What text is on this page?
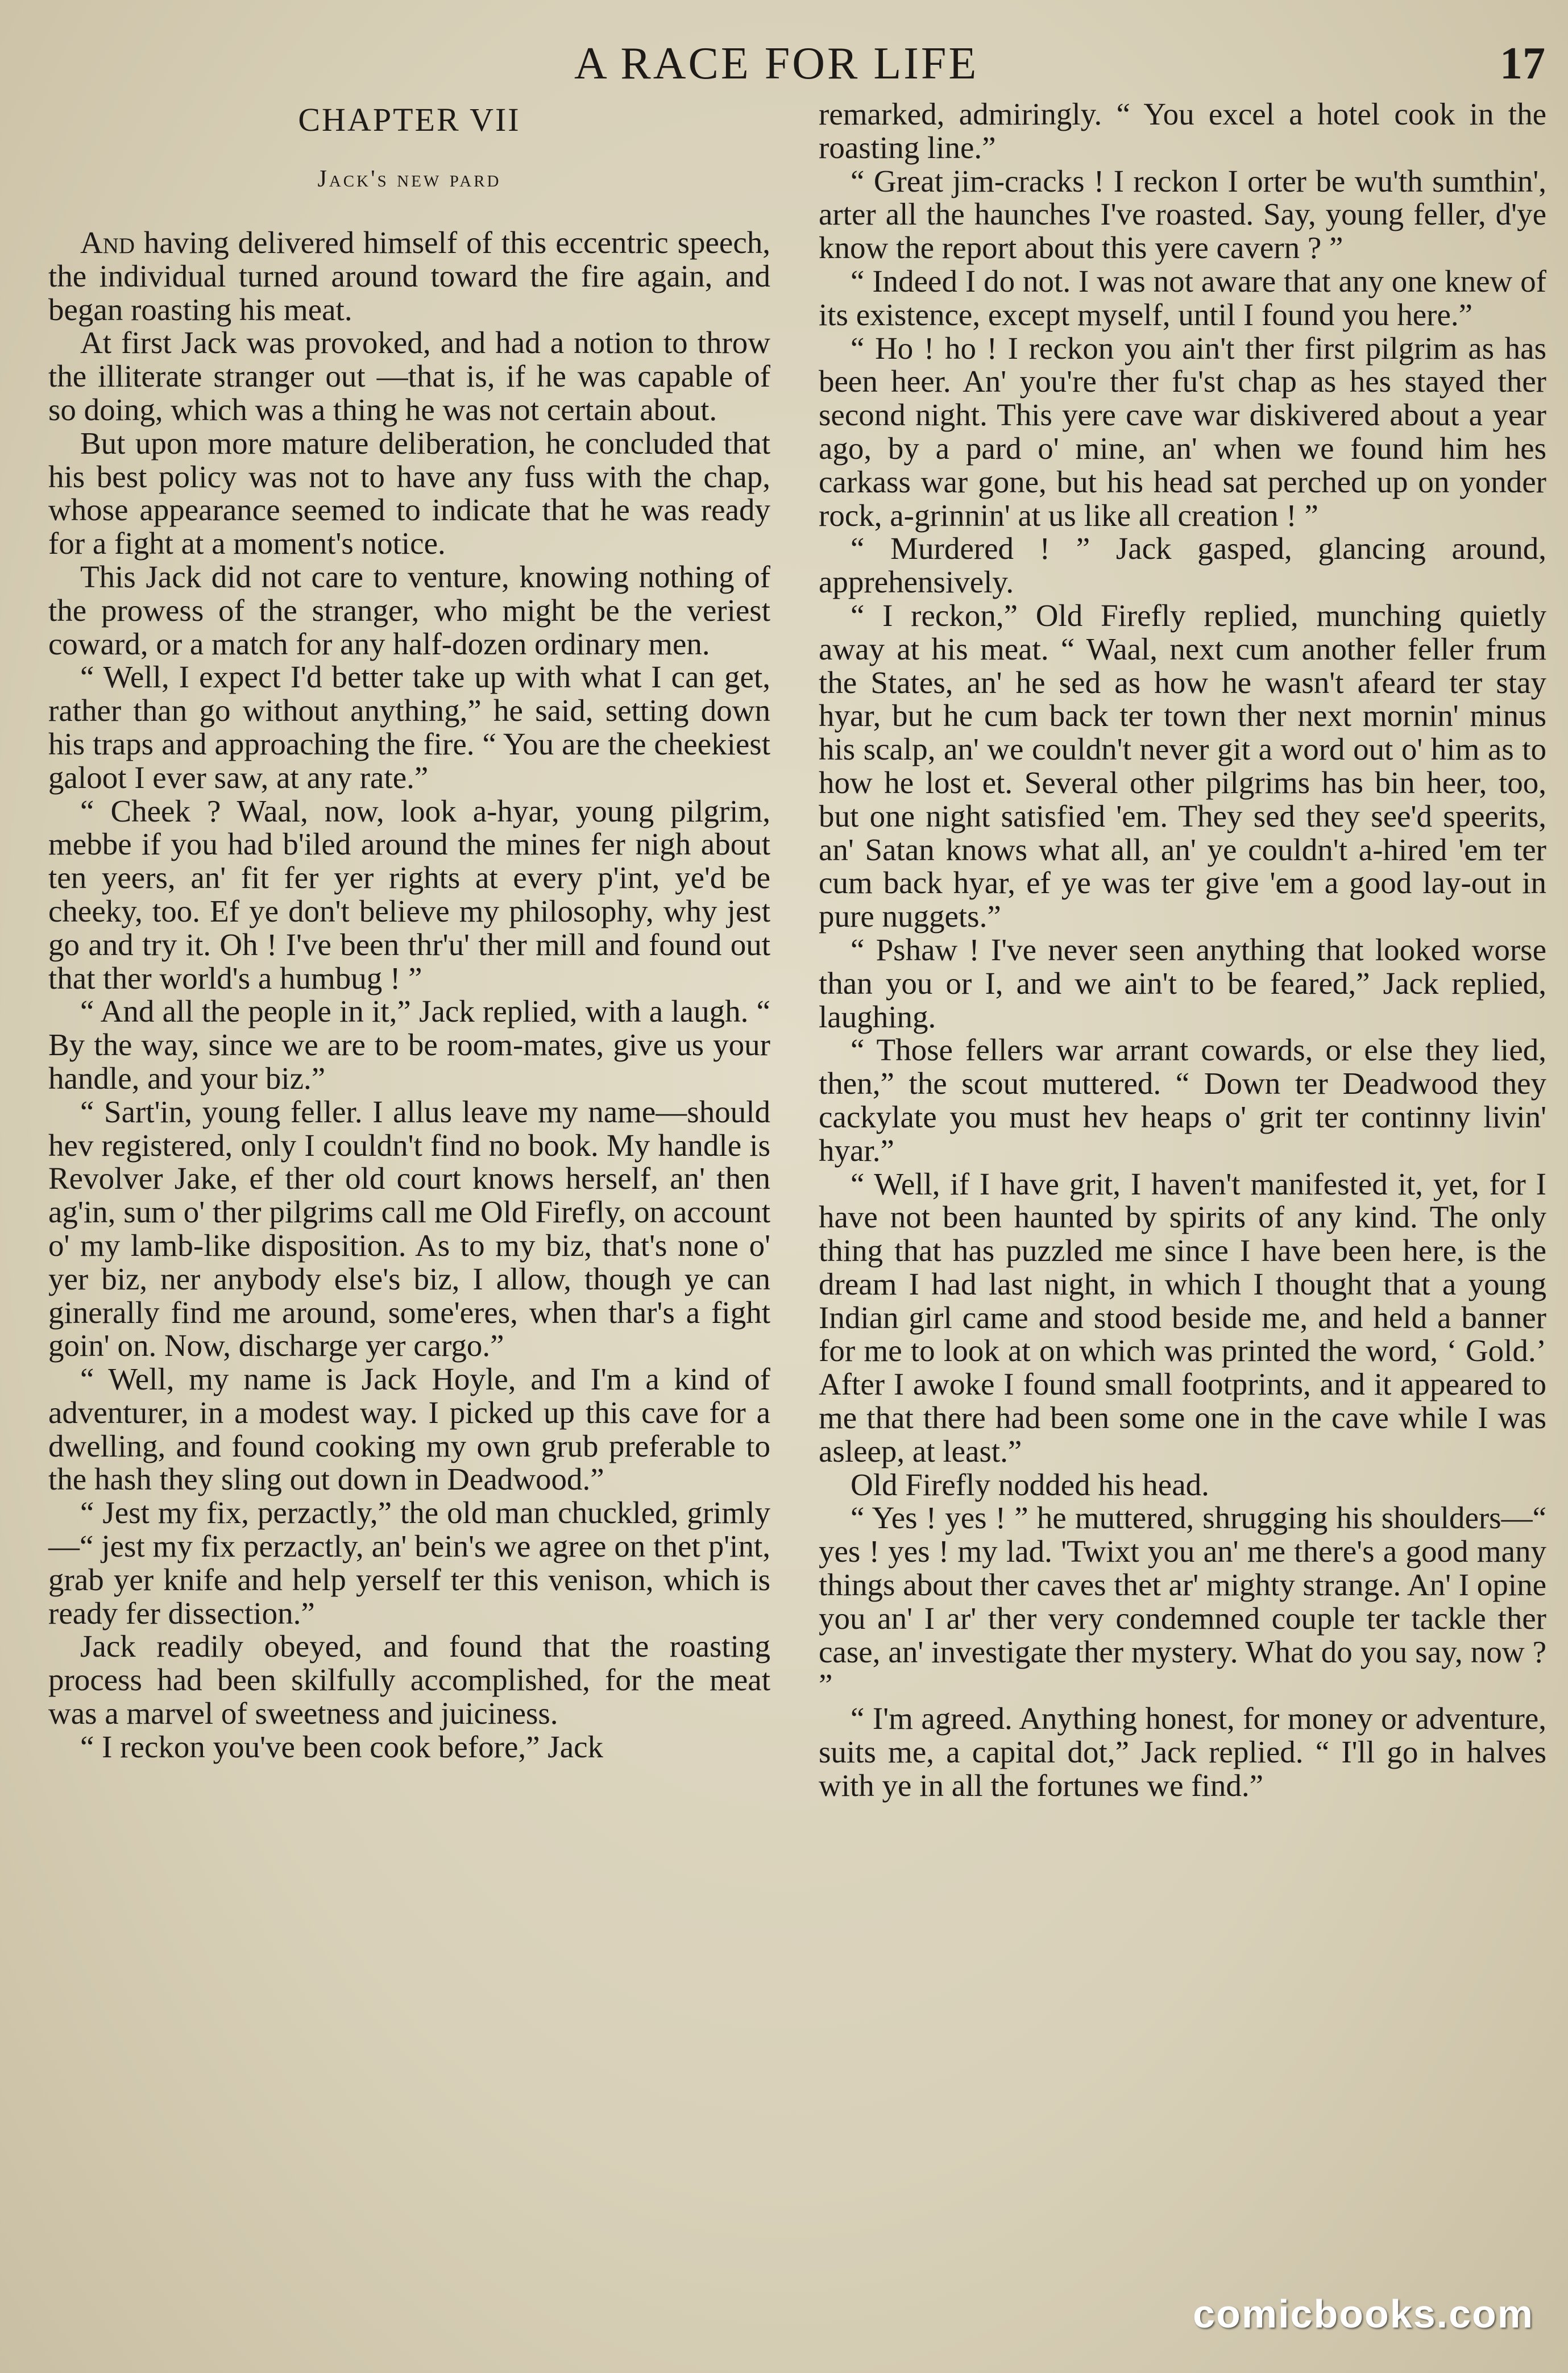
A RACE FOR LIFE	17
CHAPTER VII
Jack's new pard

And having delivered himself of this eccentric speech, the individual turned around toward the fire again, and began roasting his meat.

At first Jack was provoked, and had a notion to throw the illiterate stranger out —that is, if he was capable of so doing, which was a thing he was not certain about.

But upon more mature deliberation, he concluded that his best policy was not to have any fuss with the chap, whose appearance seemed to indicate that he was ready for a fight at a moment's notice.

This Jack did not care to venture, knowing nothing of the prowess of the stranger, who might be the veriest coward, or a match for any half-dozen ordinary men.

“ Well, I expect I'd better take up with what I can get, rather than go without anything,” he said, setting down his traps and approaching the fire. “ You are the cheekiest galoot I ever saw, at any rate.”

“ Cheek ? Waal, now, look a-hyar, young pilgrim, mebbe if you had b'iled around the mines fer nigh about ten yeers, an' fit fer yer rights at every p'int, ye'd be cheeky, too. Ef ye don't believe my philosophy, why jest go and try it. Oh ! I've been thr'u' ther mill and found out that ther world's a humbug ! ”

“ And all the people in it,” Jack replied, with a laugh. “ By the way, since we are to be room-mates, give us your handle, and your biz.”

“ Sart'in, young feller. I allus leave my name—should hev registered, only I couldn't find no book. My handle is Revolver Jake, ef ther old court knows herself, an' then ag'in, sum o' ther pilgrims call me Old Firefly, on account o' my lamb-like disposition. As to my biz, that's none o' yer biz, ner anybody else's biz, I allow, though ye can ginerally find me around, some'eres, when thar's a fight goin' on. Now, discharge yer cargo.”

“ Well, my name is Jack Hoyle, and I'm a kind of adventurer, in a modest way. I picked up this cave for a dwelling, and found cooking my own grub preferable to the hash they sling out down in Deadwood.”

“ Jest my fix, perzactly,” the old man chuckled, grimly—“ jest my fix perzactly, an' bein's we agree on thet p'int, grab yer knife and help yerself ter this venison, which is ready fer dissection.”

Jack readily obeyed, and found that the roasting process had been skilfully accomplished, for the meat was a marvel of sweetness and juiciness.

“ I reckon you've been cook before,” Jack

remarked, admiringly. “ You excel a hotel cook in the roasting line.”

“ Great jim-cracks ! I reckon I orter be wu'th sumthin', arter all the haunches I've roasted. Say, young feller, d'ye know the report about this yere cavern ? ”

“ Indeed I do not. I was not aware that any one knew of its existence, except myself, until I found you here.”

“ Ho ! ho ! I reckon you ain't ther first pilgrim as has been heer. An' you're ther fu'st chap as hes stayed ther second night. This yere cave war diskivered about a year ago, by a pard o' mine, an' when we found him hes carkass war gone, but his head sat perched up on yonder rock, a-grinnin' at us like all creation ! ”

“ Murdered ! ” Jack gasped, glancing around, apprehensively.

“ I reckon,” Old Firefly replied, munching quietly away at his meat. “ Waal, next cum another feller frum the States, an' he sed as how he wasn't afeard ter stay hyar, but he cum back ter town ther next mornin' minus his scalp, an' we couldn't never git a word out o' him as to how he lost et. Several other pilgrims has bin heer, too, but one night satisfied 'em. They sed they see'd speerits, an' Satan knows what all, an' ye couldn't a-hired 'em ter cum back hyar, ef ye was ter give 'em a good lay-out in pure nuggets.”

“ Pshaw ! I've never seen anything that looked worse than you or I, and we ain't to be feared,” Jack replied, laughing.

“ Those fellers war arrant cowards, or else they lied, then,” the scout muttered. “ Down ter Deadwood they cackylate you must hev heaps o' grit ter continny livin' hyar.”

“ Well, if I have grit, I haven't manifested it, yet, for I have not been haunted by spirits of any kind. The only thing that has puzzled me since I have been here, is the dream I had last night, in which I thought that a young Indian girl came and stood beside me, and held a banner for me to look at on which was printed the word, ‘ Gold.’ After I awoke I found small footprints, and it appeared to me that there had been some one in the cave while I was asleep, at least.”

Old Firefly nodded his head.

“ Yes ! yes ! ” he muttered, shrugging his shoulders—“ yes ! yes ! my lad. 'Twixt you an' me there's a good many things about ther caves thet ar' mighty strange. An' I opine you an' I ar' ther very condemned couple ter tackle ther case, an' investigate ther mystery. What do you say, now ? ”

“ I'm agreed. Anything honest, for money or adventure, suits me, a capital dot,” Jack replied. “ I'll go in halves with ye in all the fortunes we find.”

comicbooks.com
